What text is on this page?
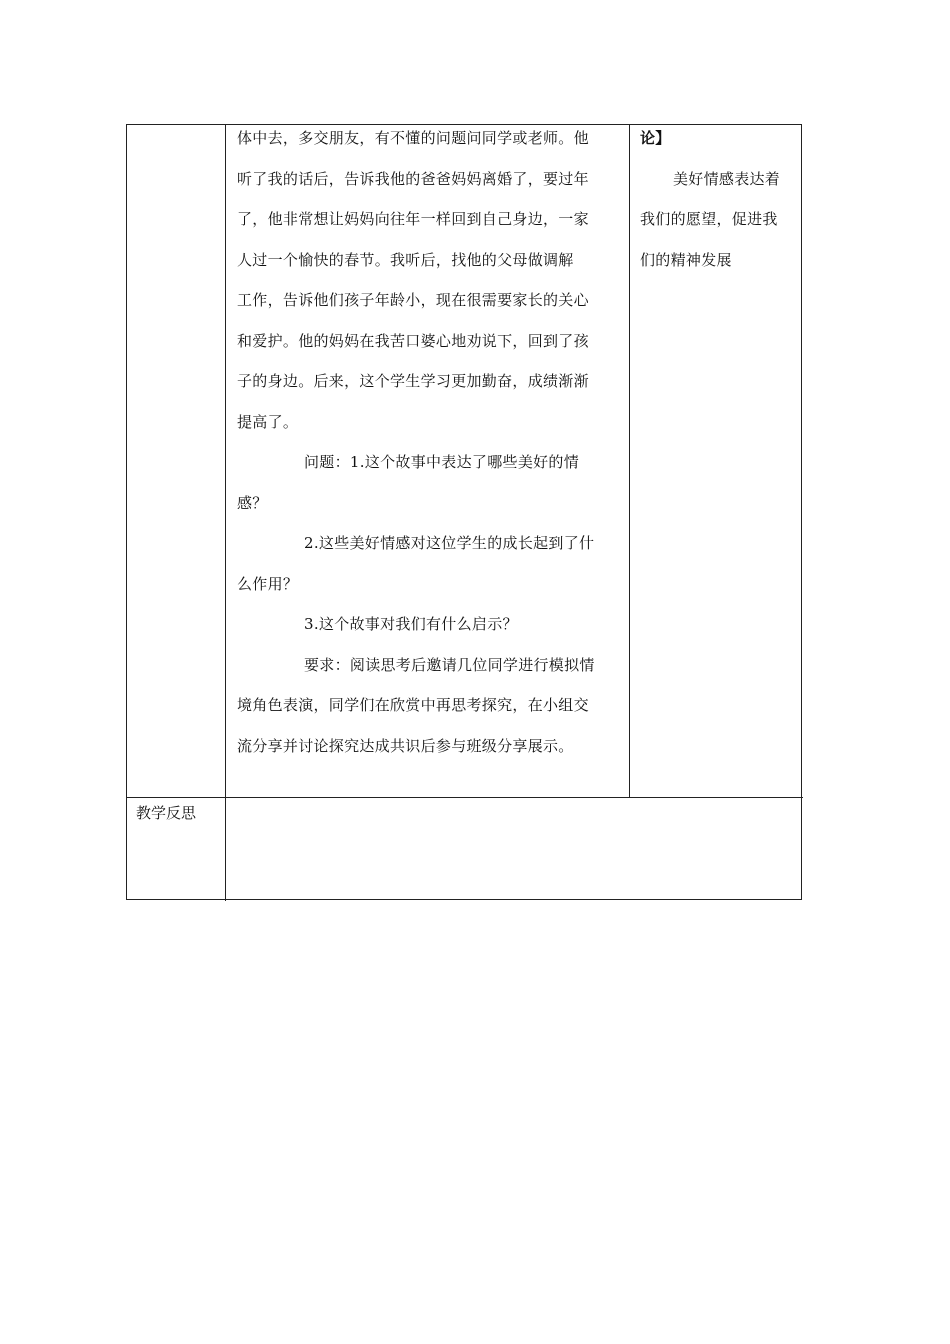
体中去，多交朋友，有不懂的问题问同学或老师。他
听了我的话后，告诉我他的爸爸妈妈离婚了，要过年
了，他非常想让妈妈向往年一样回到自己身边，一家
人过一个愉快的春节。我听后，找他的父母做调解
工作，告诉他们孩子年龄小，现在很需要家长的关心
和爱护。他的妈妈在我苦口婆心地劝说下，回到了孩
子的身边。后来，这个学生学习更加勤奋，成绩渐渐
提高了。
问题：1.这个故事中表达了哪些美好的情
感？
2.这些美好情感对这位学生的成长起到了什
么作用？
3.这个故事对我们有什么启示？
要求：阅读思考后邀请几位同学进行模拟情
境角色表演，同学们在欣赏中再思考探究，在小组交
流分享并讨论探究达成共识后参与班级分享展示。
论】
美好情感表达着
我们的愿望，促进我
们的精神发展
教学反思
